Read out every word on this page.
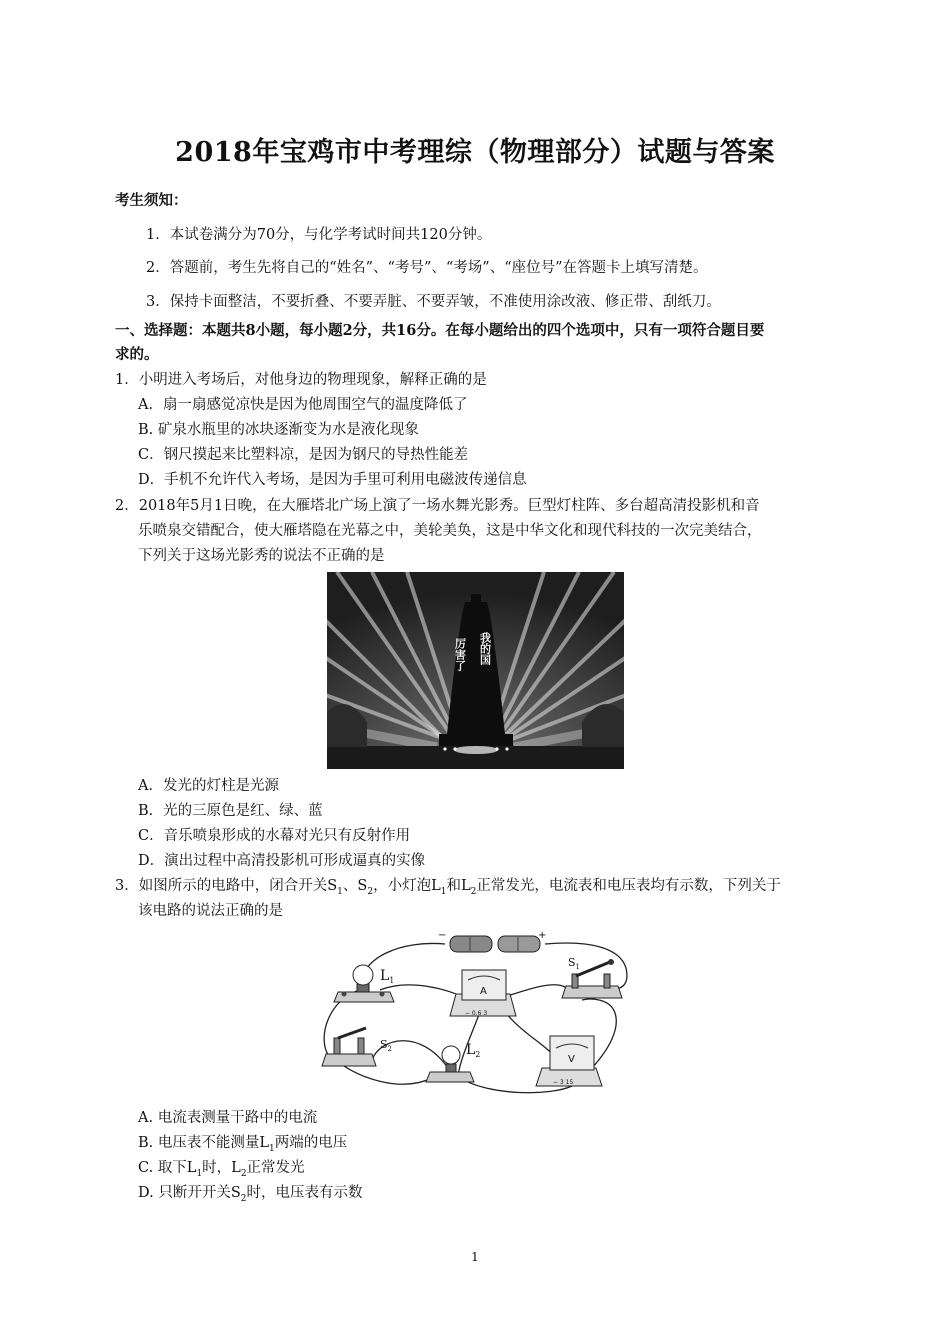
2018年宝鸡市中考理综（物理部分）试题与答案
考生须知：
1．本试卷满分为70分，与化学考试时间共120分钟。
2．答题前，考生先将自己的“姓名”、“考号”、“考场”、“座位号”在答题卡上填写清楚。
3．保持卡面整洁，不要折叠、不要弄脏、不要弄皱，不准使用涂改液、修正带、刮纸刀。
一、选择题：本题共8小题，每小题2分，共16分。在每小题给出的四个选项中，只有一项符合题目要
求的。
1．小明进入考场后，对他身边的物理现象，解释正确的是
A．扇一扇感觉凉快是因为他周围空气的温度降低了
B. 矿泉水瓶里的冰块逐渐变为水是液化现象
C．钢尺摸起来比塑料凉，是因为钢尺的导热性能差
D．手机不允许代入考场，是因为手里可利用电磁波传递信息
2．2018年5月1日晚，在大雁塔北广场上演了一场水舞光影秀。巨型灯柱阵、多台超高清投影机和音
乐喷泉交错配合，使大雁塔隐在光幕之中，美轮美奂，这是中华文化和现代科技的一次完美结合，
下列关于这场光影秀的说法不正确的是
厉害了 我的国
A．发光的灯柱是光源
B．光的三原色是红、绿、蓝
C．音乐喷泉形成的水幕对光只有反射作用
D．演出过程中高清投影机可形成逼真的实像
3．如图所示的电路中，闭合开关$S_1$、$S_2$，小灯泡$L_1$和$L_2$正常发光，电流表和电压表均有示数，下列关于
该电路的说法正确的是
−	+
$L_1$
A
− 0.6 3
$S_1$
$S_2$	$L_2$	V
− 3 15
A. 电流表测量干路中的电流
B. 电压表不能测量$L_1$两端的电压
C. 取下$L_1$时，$L_2$正常发光
D. 只断开开关$S_2$时，电压表有示数
1
